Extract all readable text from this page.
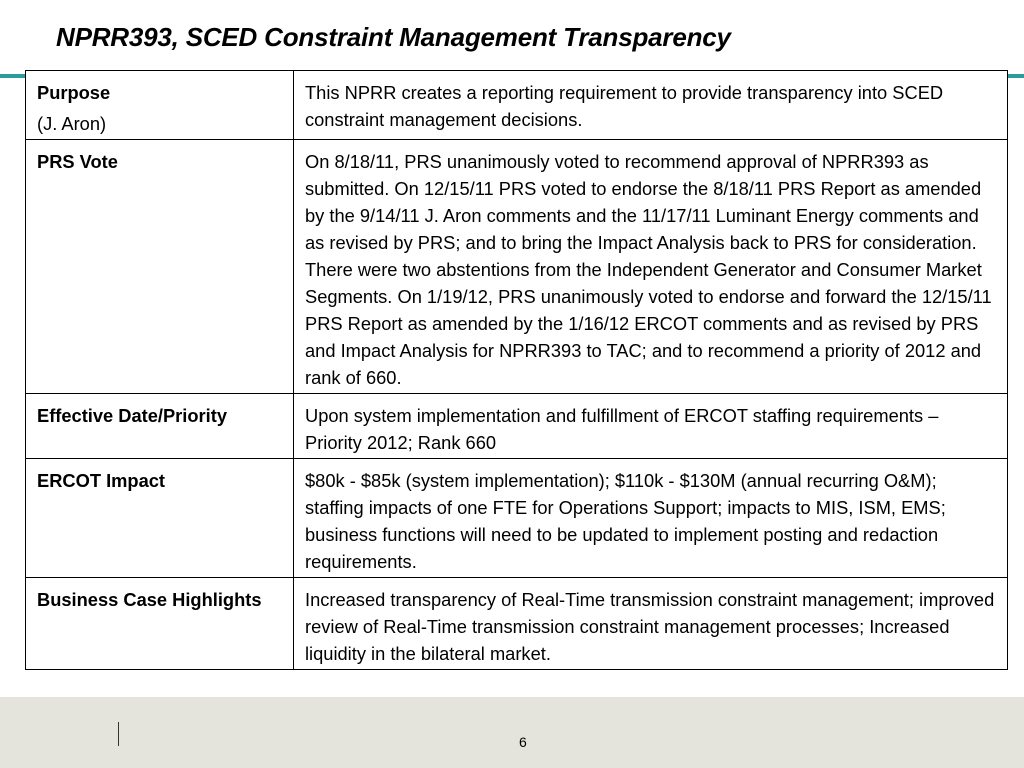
NPRR393, SCED Constraint Management Transparency
Purpose
(J. Aron)	This NPRR creates a reporting requirement to provide transparency into SCED constraint management decisions.
PRS Vote	On 8/18/11, PRS unanimously voted to recommend approval of NPRR393 as submitted. On 12/15/11 PRS voted to endorse the 8/18/11 PRS Report as amended by the 9/14/11 J. Aron comments and the 11/17/11 Luminant Energy comments and as revised by PRS; and to bring the Impact Analysis back to PRS for consideration. There were two abstentions from the Independent Generator and Consumer Market Segments. On 1/19/12, PRS unanimously voted to endorse and forward the 12/15/11 PRS Report as amended by the 1/16/12 ERCOT comments and as revised by PRS and Impact Analysis for NPRR393 to TAC; and to recommend a priority of 2012 and rank of 660.
Effective Date/Priority	Upon system implementation and fulfillment of ERCOT staffing requirements – Priority 2012; Rank 660
ERCOT Impact	$80k - $85k (system implementation); $110k - $130M (annual recurring O&M); staffing impacts of one FTE for Operations Support; impacts to MIS, ISM, EMS; business functions will need to be updated to implement posting and redaction requirements.
Business Case Highlights	Increased transparency of Real-Time transmission constraint management; improved review of Real-Time transmission constraint management processes; Increased liquidity in the bilateral market.
6
